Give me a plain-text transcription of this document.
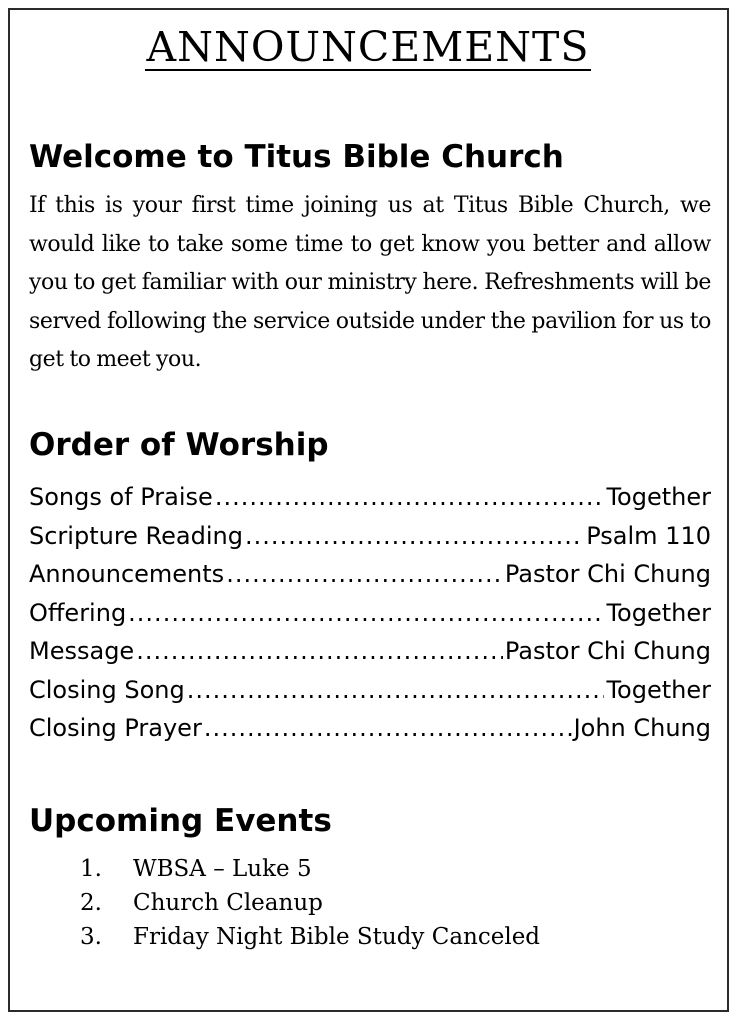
ANNOUNCEMENTS
Welcome to Titus Bible Church

If this is your first time joining us at Titus Bible Church, we would like to take some time to get know you better and allow you to get familiar with our ministry here. Refreshments will be served following the service outside under the pavilion for us to get to meet you.

Order of Worship
Songs of Praise .....	Together
Scripture Reading .....	Psalm 110
Announcements .....	Pastor Chi Chung
Offering .....	Together
Message .....	Pastor Chi Chung
Closing Song .....	Together
Closing Prayer .....	John Chung
Upcoming Events
1.	WBSA – Luke 5
2.	Church Cleanup
3.	Friday Night Bible Study Canceled
